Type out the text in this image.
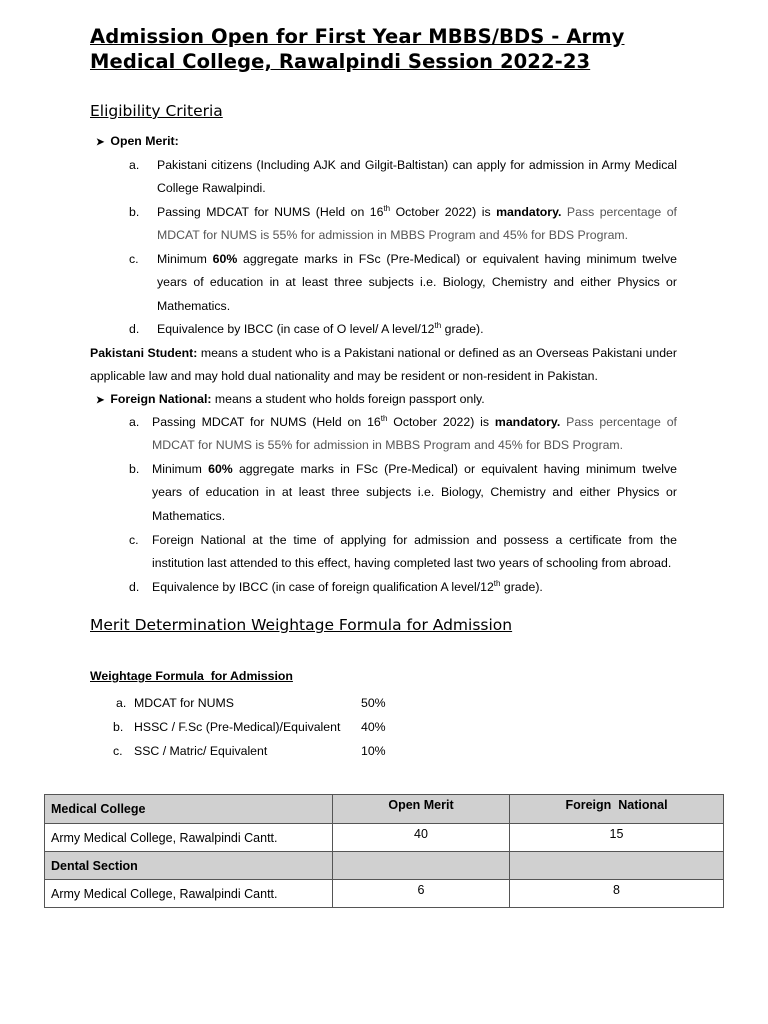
Admission Open for First Year MBBS/BDS - Army Medical College, Rawalpindi Session 2022-23
Eligibility Criteria
➤ Open Merit:
a. Pakistani citizens (Including AJK and Gilgit-Baltistan) can apply for admission in Army Medical College Rawalpindi.
b. Passing MDCAT for NUMS (Held on 16th October 2022) is mandatory. Pass percentage of MDCAT for NUMS is 55% for admission in MBBS Program and 45% for BDS Program.
c. Minimum 60% aggregate marks in FSc (Pre-Medical) or equivalent having minimum twelve years of education in at least three subjects i.e. Biology, Chemistry and either Physics or Mathematics.
d. Equivalence by IBCC (in case of O level/ A level/12th grade).
Pakistani Student: means a student who is a Pakistani national or defined as an Overseas Pakistani under applicable law and may hold dual nationality and may be resident or non-resident in Pakistan.
➤ Foreign National: means a student who holds foreign passport only.
a. Passing MDCAT for NUMS (Held on 16th October 2022) is mandatory. Pass percentage of MDCAT for NUMS is 55% for admission in MBBS Program and 45% for BDS Program.
b. Minimum 60% aggregate marks in FSc (Pre-Medical) or equivalent having minimum twelve years of education in at least three subjects i.e. Biology, Chemistry and either Physics or Mathematics.
c. Foreign National at the time of applying for admission and possess a certificate from the institution last attended to this effect, having completed last two years of schooling from abroad.
d. Equivalence by IBCC (in case of foreign qualification A level/12th grade).
Merit Determination Weightage Formula for Admission
Weightage Formula  for Admission
a. MDCAT for NUMS	50%
b. HSSC / F.Sc (Pre-Medical)/Equivalent 40%
c. SSC / Matric/ Equivalent	10%
Medical College	Open Merit	Foreign  National
Army Medical College, Rawalpindi Cantt.	40	15
Dental Section		
Army Medical College, Rawalpindi Cantt.	6	8
